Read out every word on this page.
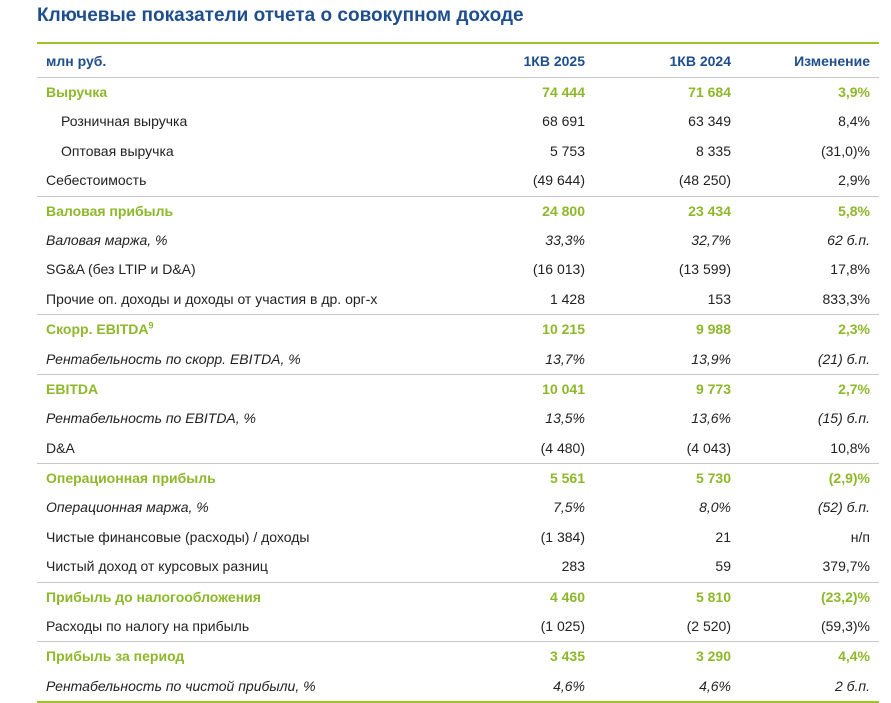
Ключевые показатели отчета о совокупном доходе
млн руб.	1КВ 2025	1КВ 2024	Изменение
Выручка	74 444	71 684	3,9%
Розничная выручка	68 691	63 349	8,4%
Оптовая выручка	5 753	8 335	(31,0)%
Себестоимость	(49 644)	(48 250)	2,9%
Валовая прибыль	24 800	23 434	5,8%
Валовая маржа, %	33,3%	32,7%	62 б.п.
SG&A (без LTIP и D&A)	(16 013)	(13 599)	17,8%
Прочие оп. доходы и доходы от участия в др. орг-х	1 428	153	833,3%
Скорр. EBITDA$^9$	10 215	9 988	2,3%
Рентабельность по скорр. EBITDA, %	13,7%	13,9%	(21) б.п.
EBITDA	10 041	9 773	2,7%
Рентабельность по EBITDA, %	13,5%	13,6%	(15) б.п.
D&A	(4 480)	(4 043)	10,8%
Операционная прибыль	5 561	5 730	(2,9)%
Операционная маржа, %	7,5%	8,0%	(52) б.п.
Чистые финансовые (расходы) / доходы	(1 384)	21	н/п
Чистый доход от курсовых разниц	283	59	379,7%
Прибыль до налогообложения	4 460	5 810	(23,2)%
Расходы по налогу на прибыль	(1 025)	(2 520)	(59,3)%
Прибыль за период	3 435	3 290	4,4%
Рентабельность по чистой прибыли, %	4,6%	4,6%	2 б.п.
